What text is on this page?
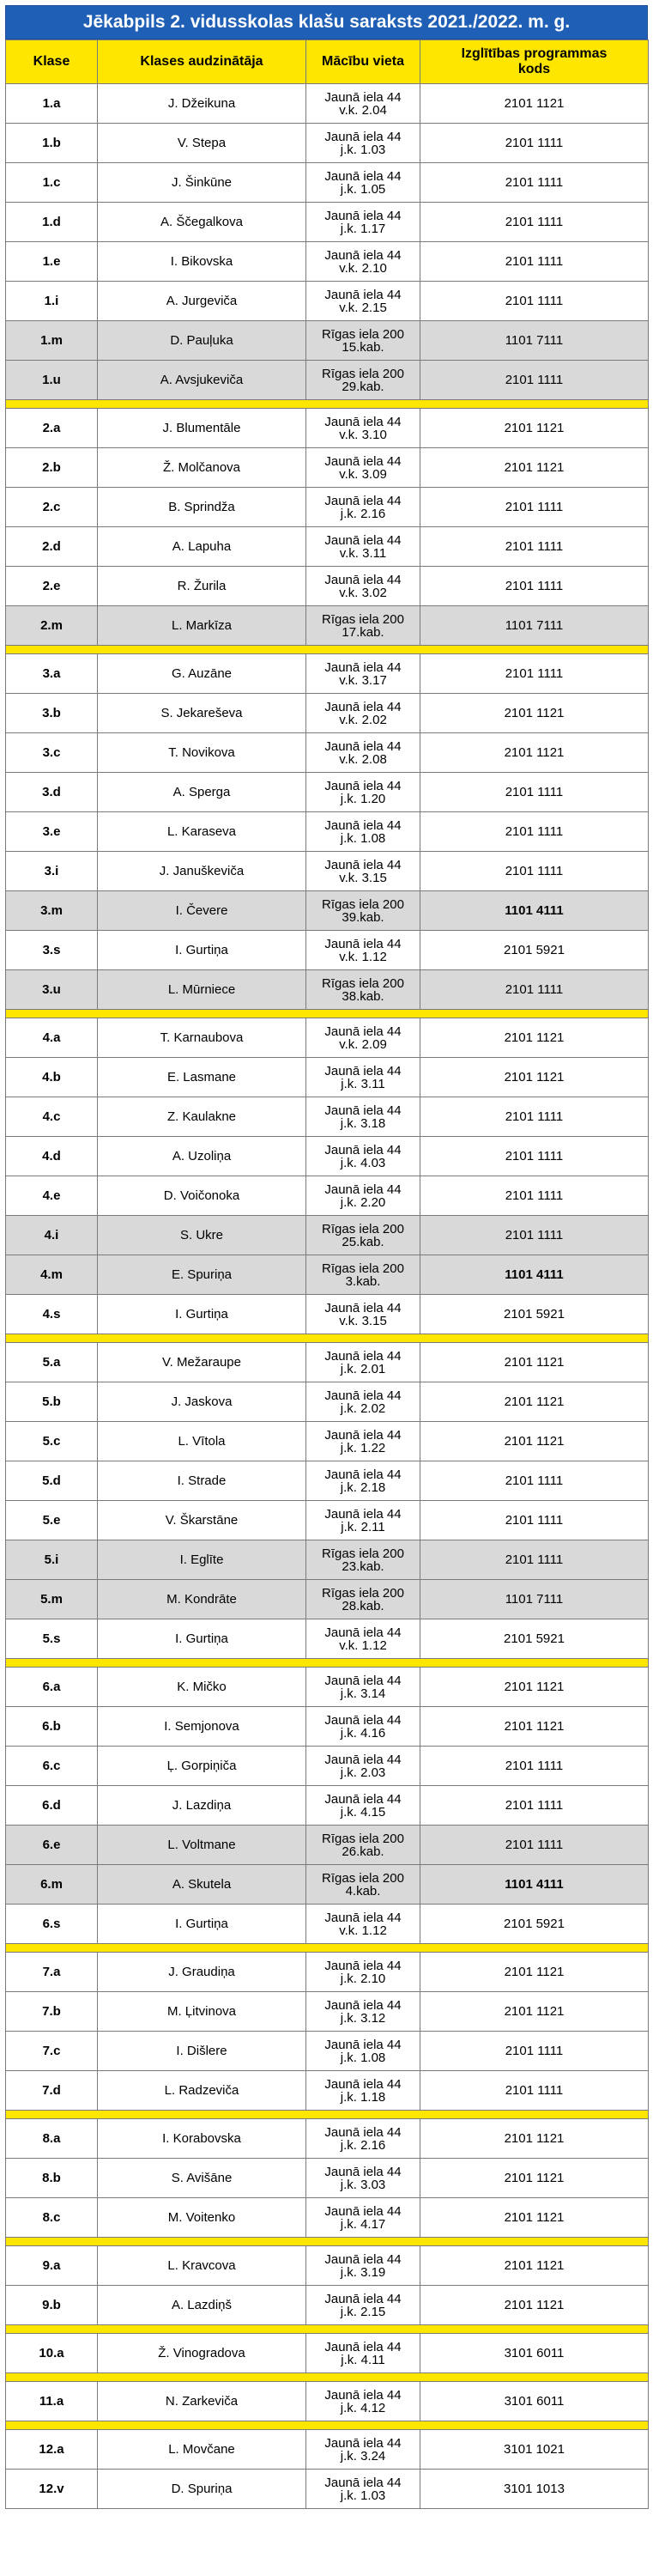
Jēkabpils 2. vidusskolas klašu saraksts 2021./2022. m. g.
Klase	Klases audzinātāja	Mācību vieta	Izglītības programmas
kods
1.a	J. Džeikuna	Jaunā iela 44
v.k. 2.04	2101 1121
1.b	V. Stepa	Jaunā iela 44
j.k. 1.03	2101 1111
1.c	J. Šinkūne	Jaunā iela 44
j.k. 1.05	2101 1111
1.d	A. Ščegalkova	Jaunā iela 44
j.k. 1.17	2101 1111
1.e	I. Bikovska	Jaunā iela 44
v.k. 2.10	2101 1111
1.i	A. Jurgeviča	Jaunā iela 44
v.k. 2.15	2101 1111
1.m	D. Pauļuka	Rīgas iela 200
15.kab.	1101 7111
1.u	A. Avsjukeviča	Rīgas iela 200
29.kab.	2101 1111

2.a	J. Blumentāle	Jaunā iela 44
v.k. 3.10	2101 1121
2.b	Ž. Molčanova	Jaunā iela 44
v.k. 3.09	2101 1121
2.c	B. Sprindža	Jaunā iela 44
j.k. 2.16	2101 1111
2.d	A. Lapuha	Jaunā iela 44
v.k. 3.11	2101 1111
2.e	R. Žurila	Jaunā iela 44
v.k. 3.02	2101 1111
2.m	L. Markīza	Rīgas iela 200
17.kab.	1101 7111

3.a	G. Auzāne	Jaunā iela 44
v.k. 3.17	2101 1111
3.b	S. Jekareševa	Jaunā iela 44
v.k. 2.02	2101 1121
3.c	T. Novikova	Jaunā iela 44
v.k. 2.08	2101 1121
3.d	A. Sperga	Jaunā iela 44
j.k. 1.20	2101 1111
3.e	L. Karaseva	Jaunā iela 44
j.k. 1.08	2101 1111
3.i	J. Januškeviča	Jaunā iela 44
v.k. 3.15	2101 1111
3.m	I. Čevere	Rīgas iela 200
39.kab.	1101 4111
3.s	I. Gurtiņa	Jaunā iela 44
v.k. 1.12	2101 5921
3.u	L. Mūrniece	Rīgas iela 200
38.kab.	2101 1111

4.a	T. Karnaubova	Jaunā iela 44
v.k. 2.09	2101 1121
4.b	E. Lasmane	Jaunā iela 44
j.k. 3.11	2101 1121
4.c	Z. Kaulakne	Jaunā iela 44
j.k. 3.18	2101 1111
4.d	A. Uzoliņa	Jaunā iela 44
j.k. 4.03	2101 1111
4.e	D. Voičonoka	Jaunā iela 44
j.k. 2.20	2101 1111
4.i	S. Ukre	Rīgas iela 200
25.kab.	2101 1111
4.m	E. Spuriņa	Rīgas iela 200
3.kab.	1101 4111
4.s	I. Gurtiņa	Jaunā iela 44
v.k. 3.15	2101 5921

5.a	V. Mežaraupe	Jaunā iela 44
j.k. 2.01	2101 1121
5.b	J. Jaskova	Jaunā iela 44
j.k. 2.02	2101 1121
5.c	L. Vītola	Jaunā iela 44
j.k. 1.22	2101 1121
5.d	I. Strade	Jaunā iela 44
j.k. 2.18	2101 1111
5.e	V. Škarstāne	Jaunā iela 44
j.k. 2.11	2101 1111
5.i	I. Eglīte	Rīgas iela 200
23.kab.	2101 1111
5.m	M. Kondrāte	Rīgas iela 200
28.kab.	1101 7111
5.s	I. Gurtiņa	Jaunā iela 44
v.k. 1.12	2101 5921

6.a	K. Mičko	Jaunā iela 44
j.k. 3.14	2101 1121
6.b	I. Semjonova	Jaunā iela 44
j.k. 4.16	2101 1121
6.c	Ļ. Gorpiņiča	Jaunā iela 44
j.k. 2.03	2101 1111
6.d	J. Lazdiņa	Jaunā iela 44
j.k. 4.15	2101 1111
6.e	L. Voltmane	Rīgas iela 200
26.kab.	2101 1111
6.m	A. Skutela	Rīgas iela 200
4.kab.	1101 4111
6.s	I. Gurtiņa	Jaunā iela 44
v.k. 1.12	2101 5921

7.a	J. Graudiņa	Jaunā iela 44
j.k. 2.10	2101 1121
7.b	M. Ļitvinova	Jaunā iela 44
j.k. 3.12	2101 1121
7.c	I. Dišlere	Jaunā iela 44
j.k. 1.08	2101 1111
7.d	L. Radzeviča	Jaunā iela 44
j.k. 1.18	2101 1111

8.a	I. Korabovska	Jaunā iela 44
j.k. 2.16	2101 1121
8.b	S. Avišāne	Jaunā iela 44
j.k. 3.03	2101 1121
8.c	M. Voitenko	Jaunā iela 44
j.k. 4.17	2101 1121

9.a	L. Kravcova	Jaunā iela 44
j.k. 3.19	2101 1121
9.b	A. Lazdiņš	Jaunā iela 44
j.k. 2.15	2101 1121

10.a	Ž. Vinogradova	Jaunā iela 44
j.k. 4.11	3101 6011

11.a	N. Zarkeviča	Jaunā iela 44
j.k. 4.12	3101 6011

12.a	L. Movčane	Jaunā iela 44
j.k. 3.24	3101 1021
12.v	D. Spuriņa	Jaunā iela 44
j.k. 1.03	3101 1013
